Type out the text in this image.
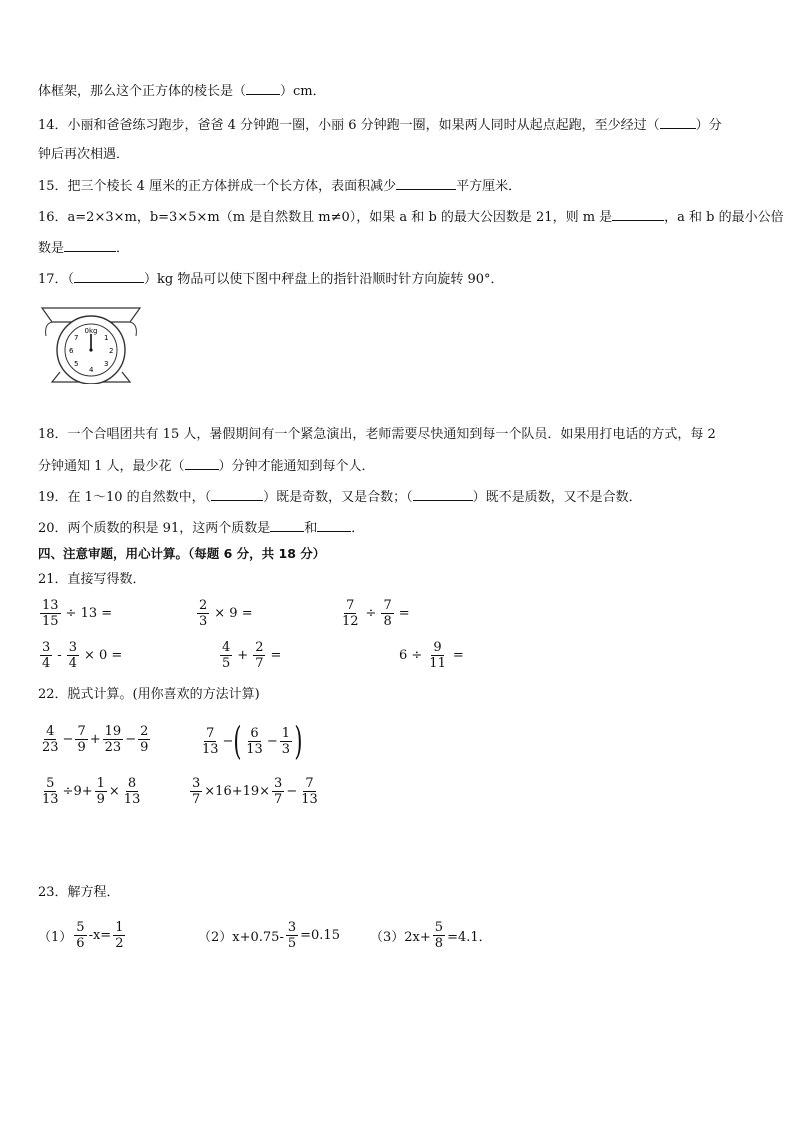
体框架，那么这个正方体的棱长是（	）cm．
14．小丽和爸爸练习跑步，爸爸 4 分钟跑一圈，小丽 6 分钟跑一圈，如果两人同时从起点起跑，至少经过（	）分
钟后再次相遇．
15．把三个棱长 4 厘米的正方体拼成一个长方体，表面积减少	平方厘米．
16．a=2×3×m，b=3×5×m（m 是自然数且 m≠0），如果 a 和 b 的最大公因数是 21，则 m 是	，a 和 b 的最小公倍
数是	．
17．（	）kg 物品可以使下图中秤盘上的指针沿顺时针方向旋转 90°．
0kg
1
2
3
4
5
6
7
18．一个合唱团共有 15 人，暑假期间有一个紧急演出，老师需要尽快通知到每一个队员．如果用打电话的方式，每 2
分钟通知 1 人，最少花（	）分钟才能通知到每个人．
19．在 1～10 的自然数中，（	）既是奇数，又是合数；（	）既不是质数，又不是合数．
20．两个质数的积是 91，这两个质数是	和	．
四、注意审题，用心计算。（每题 6 分，共 18 分）
21．直接写得数．
$\frac{13}{15} \div 13$ =	$\frac{2}{3} \times 9$ =	$\frac{7}{12} \div \frac{7}{8}$ =
$\frac{3}{4} - \frac{3}{4} \times 0$ =	$\frac{4}{5} + \frac{2}{7}$ =	$6 \div \frac{9}{11}$ =
22．脱式计算。(用你喜欢的方法计算)
$\frac{4}{23} - \frac{7}{9} + \frac{19}{23} - \frac{2}{9}$	$\frac{7}{13}$ − ( $\frac{6}{13} - \frac{1}{3}$ )
$\frac{5}{13} \div 9+ \frac{1}{9} \times \frac{8}{13}$	$\frac{3}{7} \times 16+19\times \frac{3}{7} - \frac{7}{13}$
23．解方程．
$(1) \frac{5}{6} -x= \frac{1}{2}$	$(2)x+0.75- \frac{3}{5} =0.15$ $(3)2x+ \frac{5}{8} =4.1$．
